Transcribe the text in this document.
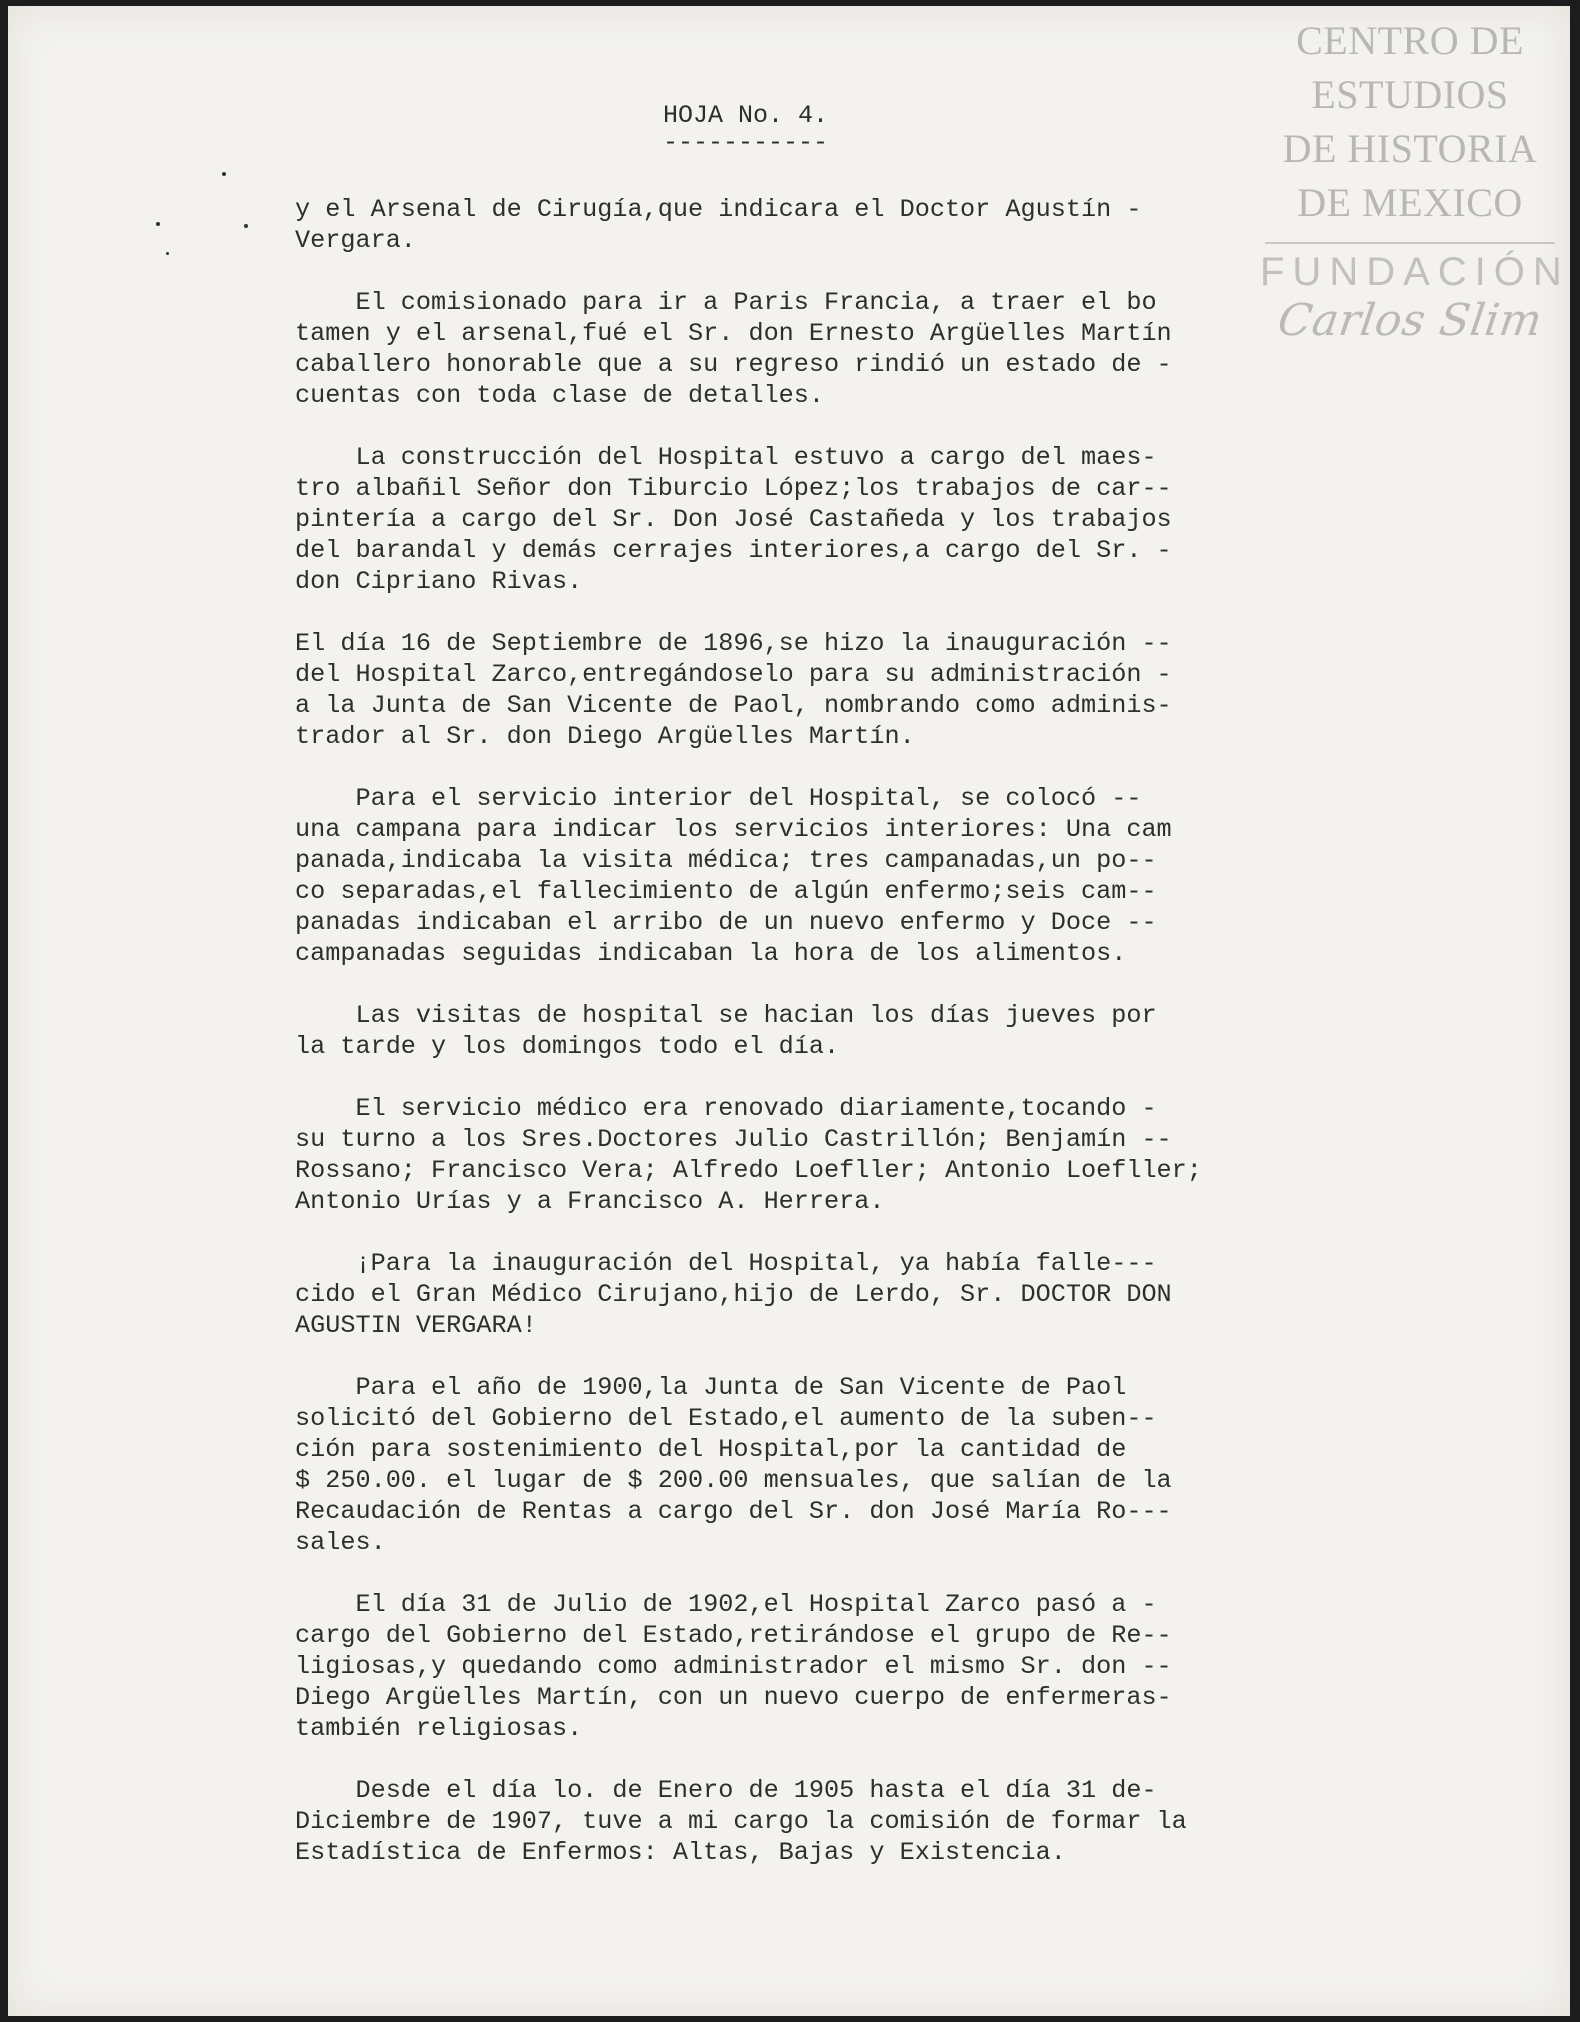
CENTRO DE
ESTUDIOS
DE HISTORIA
DE MEXICO
FUNDACIÓN
Carlos Slim
HOJA No. 4.
-----------
y el Arsenal de Cirugía,que indicara el Doctor Agustín -
Vergara.
El comisionado para ir a Paris Francia, a traer el bo
tamen y el arsenal,fué el Sr. don Ernesto Argüelles Martín
caballero honorable que a su regreso rindió un estado de -
cuentas con toda clase de detalles.
La construcción del Hospital estuvo a cargo del maes-
tro albañil Señor don Tiburcio López;los trabajos de car--
pintería a cargo del Sr. Don José Castañeda y los trabajos
del barandal y demás cerrajes interiores,a cargo del Sr. -
don Cipriano Rivas.
El día 16 de Septiembre de 1896,se hizo la inauguración --
del Hospital Zarco,entregándoselo para su administración -
a la Junta de San Vicente de Paol, nombrando como adminis-
trador al Sr. don Diego Argüelles Martín.
Para el servicio interior del Hospital, se colocó --
una campana para indicar los servicios interiores: Una cam
panada,indicaba la visita médica; tres campanadas,un po--
co separadas,el fallecimiento de algún enfermo;seis cam--
panadas indicaban el arribo de un nuevo enfermo y Doce --
campanadas seguidas indicaban la hora de los alimentos.
Las visitas de hospital se hacian los días jueves por
la tarde y los domingos todo el día.
El servicio médico era renovado diariamente,tocando -
su turno a los Sres.Doctores Julio Castrillón; Benjamín --
Rossano; Francisco Vera; Alfredo Loefller; Antonio Loefller;
Antonio Urías y a Francisco A. Herrera.
¡Para la inauguración del Hospital, ya había falle---
cido el Gran Médico Cirujano,hijo de Lerdo, Sr. DOCTOR DON
AGUSTIN VERGARA!
Para el año de 1900,la Junta de San Vicente de Paol
solicitó del Gobierno del Estado,el aumento de la suben--
ción para sostenimiento del Hospital,por la cantidad de
$ 250.00. el lugar de $ 200.00 mensuales, que salían de la
Recaudación de Rentas a cargo del Sr. don José María Ro---
sales.
El día 31 de Julio de 1902,el Hospital Zarco pasó a -
cargo del Gobierno del Estado,retirándose el grupo de Re--
ligiosas,y quedando como administrador el mismo Sr. don --
Diego Argüelles Martín, con un nuevo cuerpo de enfermeras-
también religiosas.
Desde el día lo. de Enero de 1905 hasta el día 31 de-
Diciembre de 1907, tuve a mi cargo la comisión de formar la
Estadística de Enfermos: Altas, Bajas y Existencia.
